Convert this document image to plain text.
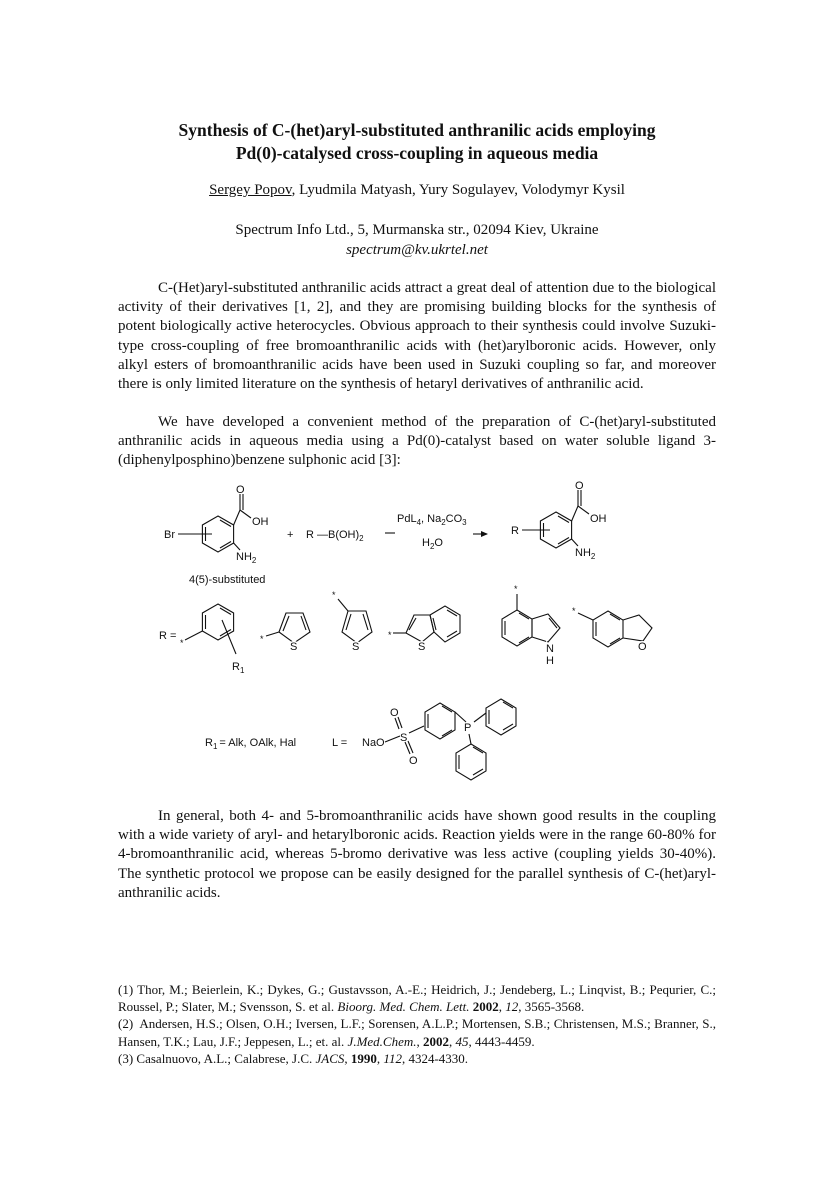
Synthesis of C-(het)aryl-substituted anthranilic acids employing
Pd(0)-catalysed cross-coupling in aqueous media
Sergey Popov, Lyudmila Matyash, Yury Sogulayev, Volodymyr Kysil
Spectrum Info Ltd., 5, Murmanska str., 02094 Kiev, Ukraine
spectrum@kv.ukrtel.net

C-(Het)aryl-substituted anthranilic acids attract a great deal of attention due to the biological activity of their derivatives [1, 2], and they are promising building blocks for the synthesis of potent biologically active heterocycles. Obvious approach to their synthesis could involve Suzuki-type cross-coupling of free bromoanthranilic acids with (het)arylboronic acids. However, only alkyl esters of bromoanthranilic acids have been used in Suzuki coupling so far, and moreover there is only limited literature on the synthesis of hetaryl derivatives of anthranilic acid.

We have developed a convenient method of the preparation of C-(het)aryl-substituted anthranilic acids in aqueous media using a Pd(0)-catalyst based on water soluble ligand 3-(diphenylposphino)benzene sulphonic acid [3]:

O
OH
$NH_2$
Br
4(5)-substituted
+ R $—B(OH)_2$
PdL$_4$, $Na_2CO_3$
$H_2O$
O
OH
$NH_2$
R
R =
*
$R_1$
*
S
*
S
*
S
*
N
H
*
O
$R_1$ = Alk, OAlk, Hal	L = NaO S
O
O
P

In general, both 4- and 5-bromoanthranilic acids have shown good results in the coupling with a wide variety of aryl- and hetarylboronic acids. Reaction yields were in the range 60-80% for 4-bromoanthranilic acid, whereas 5-bromo derivative was less active (coupling yields 30-40%). The synthetic protocol we propose can be easily designed for the parallel synthesis of C-(het)aryl-anthranilic acids.

(1) Thor, M.; Beierlein, K.; Dykes, G.; Gustavsson, A.-E.; Heidrich, J.; Jendeberg, L.; Linqvist, B.; Pequrier, C.; Roussel, P.; Slater, M.; Svensson, S. et al. Bioorg. Med. Chem. Lett. 2002, 12, 3565-3568.
(2) Andersen, H.S.; Olsen, O.H.; Iversen, L.F.; Sorensen, A.L.P.; Mortensen, S.B.; Christensen, M.S.; Branner, S., Hansen, T.K.; Lau, J.F.; Jeppesen, L.; et. al. J.Med.Chem., 2002, 45, 4443-4459.
(3) Casalnuovo, A.L.; Calabrese, J.C. JACS, 1990, 112, 4324-4330.
